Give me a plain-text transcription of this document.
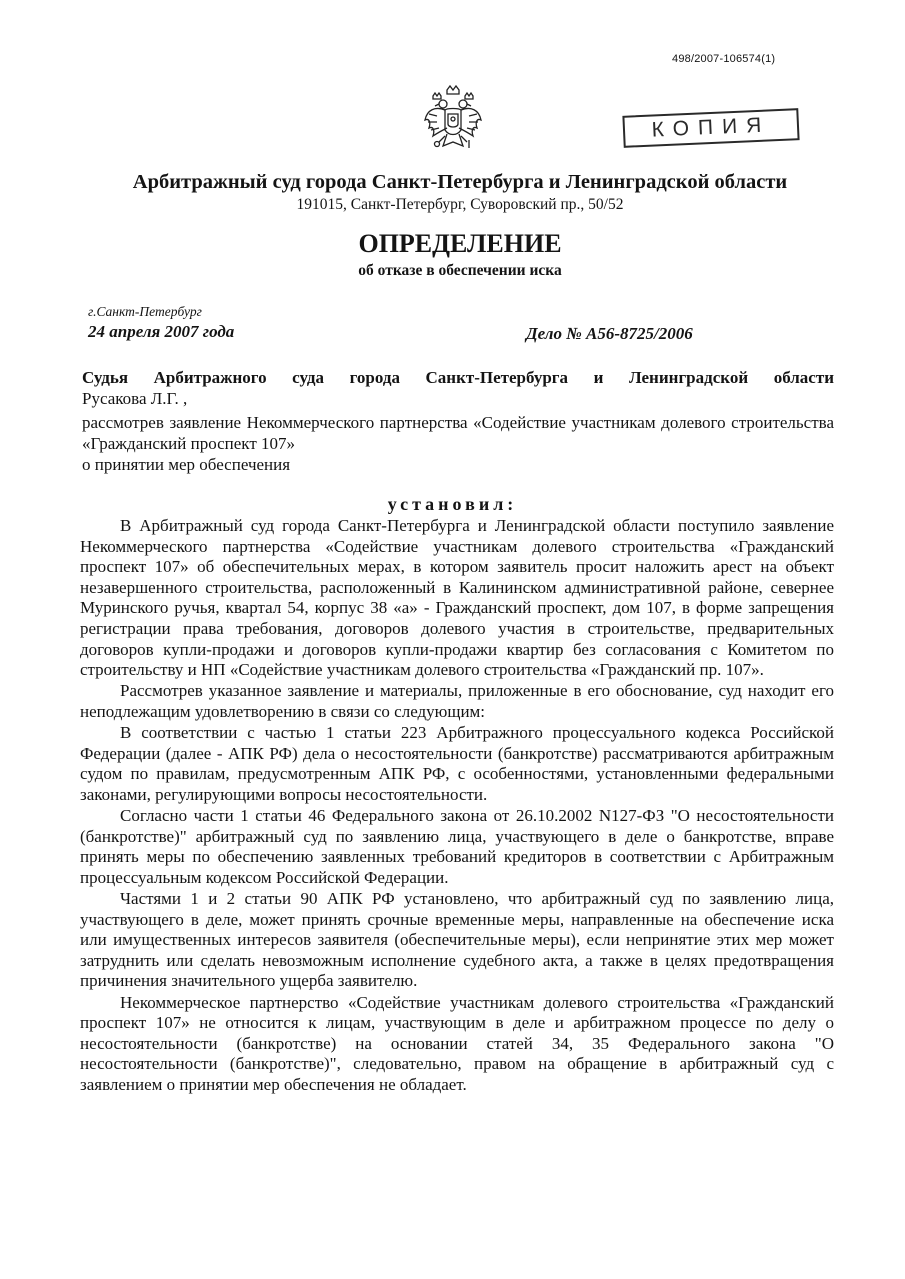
498/2007-106574(1)
КОПИЯ
Арбитражный суд города Санкт-Петербурга и Ленинградской области
191015, Санкт-Петербург, Суворовский пр., 50/52
ОПРЕДЕЛЕНИЕ
об отказе в обеспечении иска
г.Санкт-Петербург
24 апреля 2007 года	Дело № А56-8725/2006
Судья Арбитражного суда города Санкт-Петербурга и Ленинградской области
Русакова Л.Г. ,
рассмотрев заявление Некоммерческого партнерства «Содействие участникам долевого строительства «Гражданский проспект 107»
о принятии мер обеспечения
установил:

В Арбитражный суд города Санкт-Петербурга и Ленинградской области поступило заявление Некоммерческого партнерства «Содействие участникам долевого строительства «Гражданский проспект 107» об обеспечительных мерах, в котором заявитель просит наложить арест на объект незавершенного строительства, расположенный в Калининском административной районе, севернее Муринского ручья, квартал 54, корпус 38 «а» - Гражданский проспект, дом 107, в форме запрещения регистрации права требования, договоров долевого участия в строительстве, предварительных договоров купли-продажи и договоров купли-продажи квартир без согласования с Комитетом по строительству и НП «Содействие участникам долевого строительства «Гражданский пр. 107».

Рассмотрев указанное заявление и материалы, приложенные в его обоснование, суд находит его неподлежащим удовлетворению в связи со следующим:

В соответствии с частью 1 статьи 223 Арбитражного процессуального кодекса Российской Федерации (далее - АПК РФ) дела о несостоятельности (банкротстве) рассматриваются арбитражным судом по правилам, предусмотренным АПК РФ, с особенностями, установленными федеральными законами, регулирующими вопросы несостоятельности.

Согласно части 1 статьи 46 Федерального закона от 26.10.2002 N127-ФЗ "О несостоятельности (банкротстве)" арбитражный суд по заявлению лица, участвующего в деле о банкротстве, вправе принять меры по обеспечению заявленных требований кредиторов в соответствии с Арбитражным процессуальным кодексом Российской Федерации.

Частями 1 и 2 статьи 90 АПК РФ установлено, что арбитражный суд по заявлению лица, участвующего в деле, может принять срочные временные меры, направленные на обеспечение иска или имущественных интересов заявителя (обеспечительные меры), если непринятие этих мер может затруднить или сделать невозможным исполнение судебного акта, а также в целях предотвращения причинения значительного ущерба заявителю.

Некоммерческое партнерство «Содействие участникам долевого строительства «Гражданский проспект 107» не относится к лицам, участвующим в деле и арбитражном процессе по делу о несостоятельности (банкротстве) на основании статей 34, 35 Федерального закона "О несостоятельности (банкротстве)", следовательно, правом на обращение в арбитражный суд с заявлением о принятии мер обеспечения не обладает.
